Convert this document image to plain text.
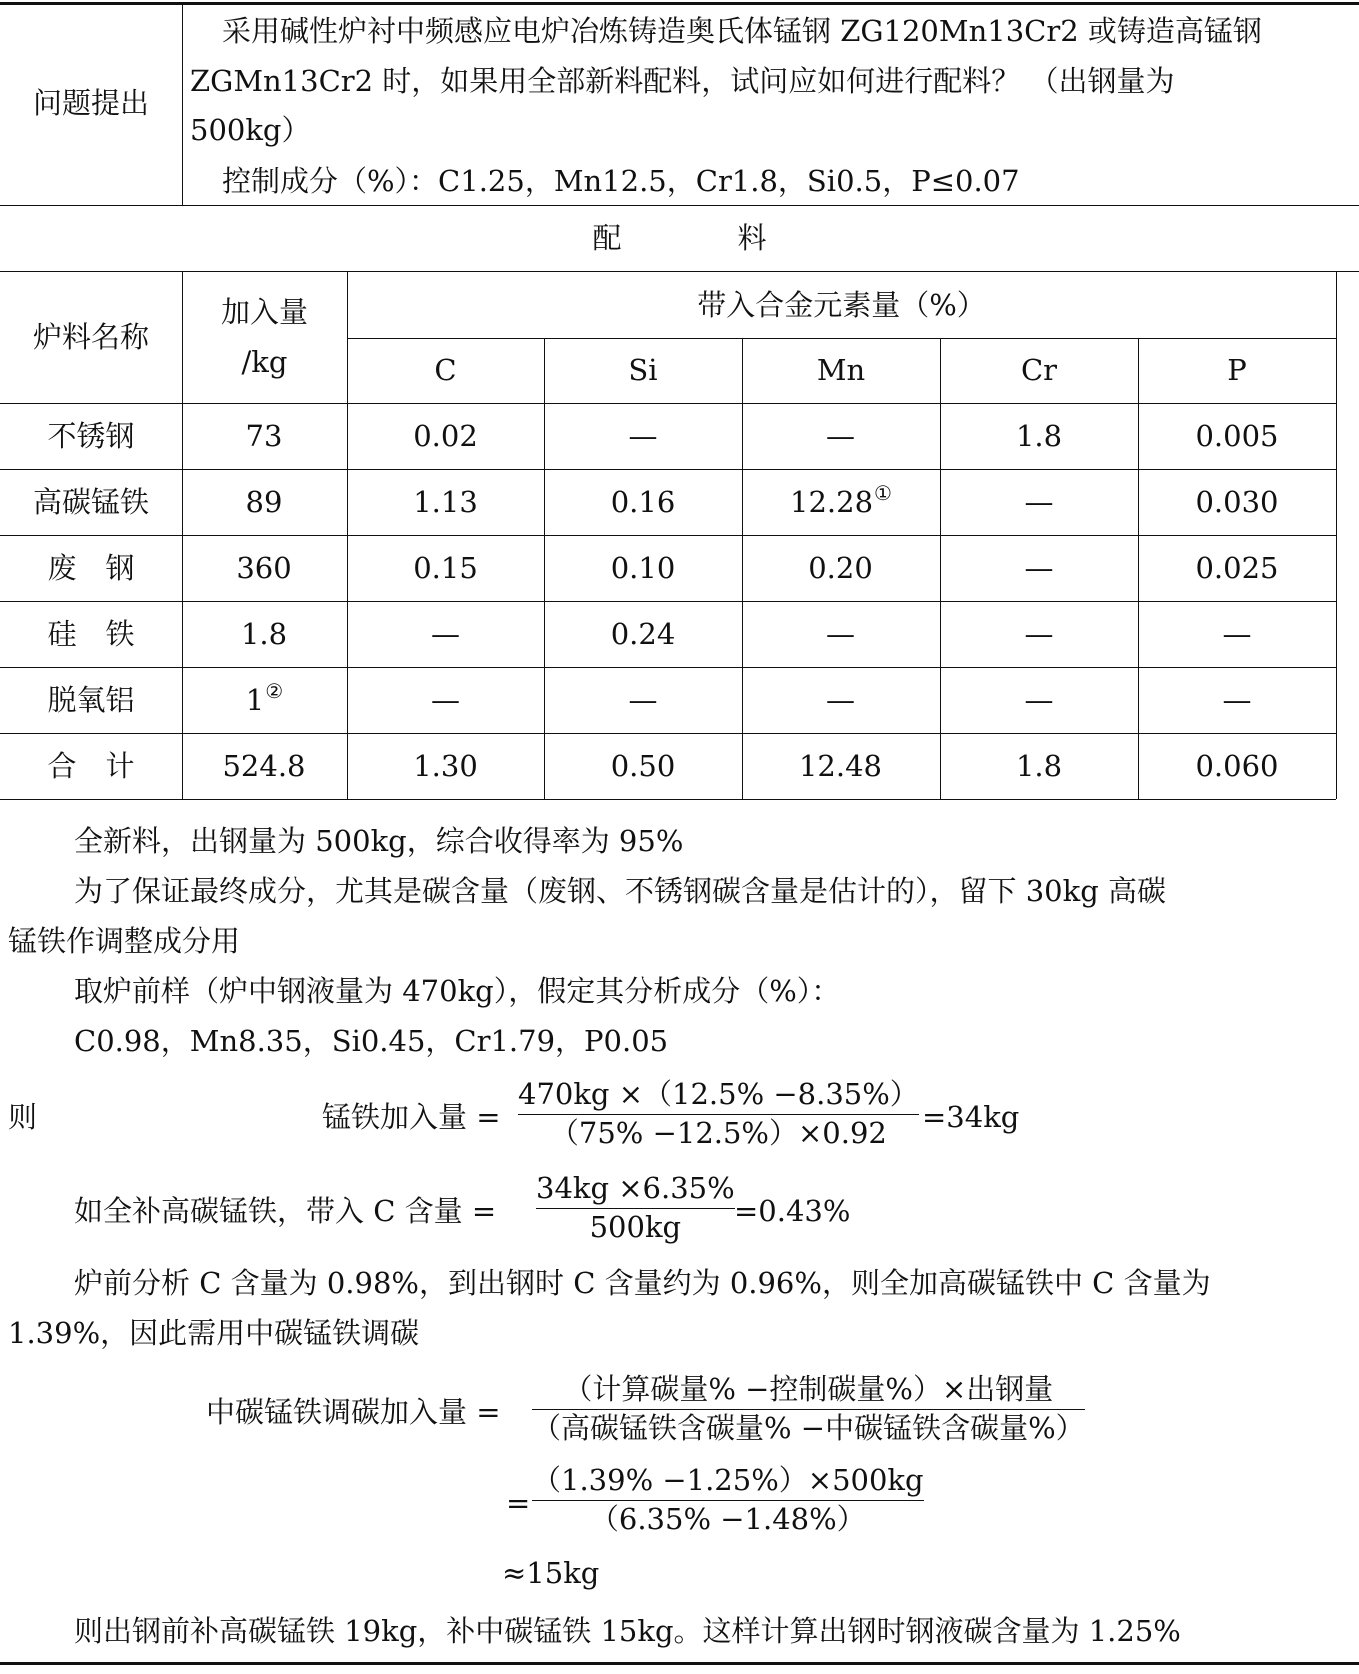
问题提出
采用碱性炉衬中频感应电炉冶炼铸造奥氏体锰钢 ZG120Mn13Cr2 或铸造高锰钢
ZGMn13Cr2 时，如果用全部新料配料，试问应如何进行配料？ （出钢量为
500kg）
控制成分（%）：C1.25，Mn12.5，Cr1.8，Si0.5，P≤0.07
配　　　　料
炉料名称
加入量
/kg
带入合金元素量（%）
C	Si	Mn	Cr	P
不锈钢	73	0.02	—	—	1.8	0.005
高碳锰铁	89	1.13	0.16	12.28 ①	—	0.030
废　钢	360	0.15	0.10	0.20	—	0.025
硅　铁	1.8	—	0.24	—	—	—
脱氧铝	1 ②	—	—	—	—	—
合　计	524.8	1.30	0.50	12.48	1.8	0.060
全新料，出钢量为 500kg，综合收得率为 95%
为了保证最终成分，尤其是碳含量（废钢、不锈钢碳含量是估计的），留下 30kg 高碳
锰铁作调整成分用
取炉前样（炉中钢液量为 470kg），假定其分析成分（%）：
C0.98，Mn8.35，Si0.45，Cr1.79，P0.05
则	锰铁加入量 =
470kg ×（12.5% −8.35%）
（75% −12.5%）×0.92 =34kg
如全补高碳锰铁，带入 C 含量 =
34kg ×6.35%
500kg =0.43%
炉前分析 C 含量为 0.98%，到出钢时 C 含量约为 0.96%，则全加高碳锰铁中 C 含量为
1.39%，因此需用中碳锰铁调碳
中碳锰铁调碳加入量 =
（计算碳量% −控制碳量%）×出钢量
（高碳锰铁含碳量% −中碳锰铁含碳量%）
=
（1.39% −1.25%）×500kg
（6.35% −1.48%）
≈15kg
则出钢前补高碳锰铁 19kg，补中碳锰铁 15kg。这样计算出钢时钢液碳含量为 1.25%
